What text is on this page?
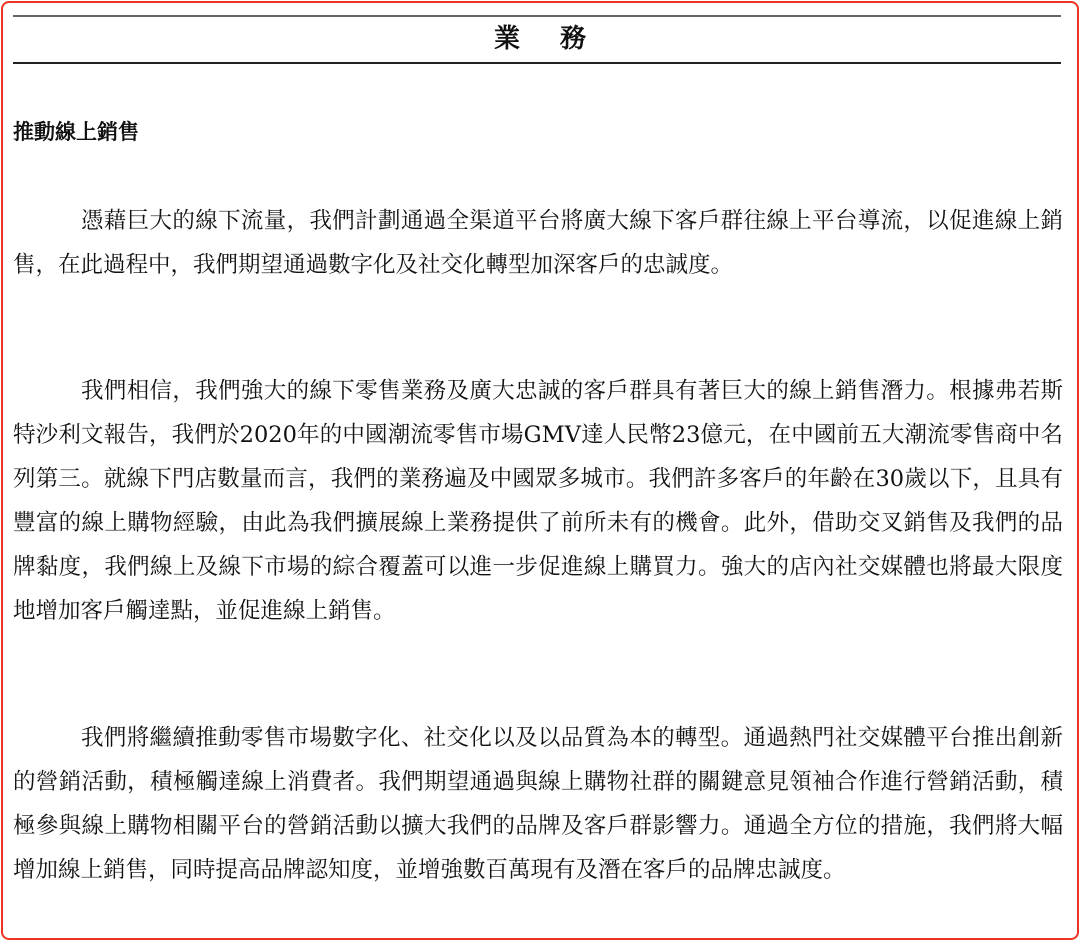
業務
推動線上銷售

憑藉巨大的線下流量，我們計劃通過全渠道平台將廣大線下客戶群往線上平台導流，以促進線上銷售，在此過程中，我們期望通過數字化及社交化轉型加深客戶的忠誠度。

我們相信，我們強大的線下零售業務及廣大忠誠的客戶群具有著巨大的線上銷售潛力。根據弗若斯特沙利文報告，我們於2020年的中國潮流零售市場GMV達人民幣23億元，在中國前五大潮流零售商中名列第三。就線下門店數量而言，我們的業務遍及中國眾多城市。我們許多客戶的年齡在30歲以下，且具有豐富的線上購物經驗，由此為我們擴展線上業務提供了前所未有的機會。此外，借助交叉銷售及我們的品牌黏度，我們線上及線下市場的綜合覆蓋可以進一步促進線上購買力。強大的店內社交媒體也將最大限度地增加客戶觸達點，並促進線上銷售。

我們將繼續推動零售市場數字化、社交化以及以品質為本的轉型。通過熱門社交媒體平台推出創新的營銷活動，積極觸達線上消費者。我們期望通過與線上購物社群的關鍵意見領袖合作進行營銷活動，積極參與線上購物相關平台的營銷活動以擴大我們的品牌及客戶群影響力。通過全方位的措施，我們將大幅增加線上銷售，同時提高品牌認知度，並增強數百萬現有及潛在客戶的品牌忠誠度。
